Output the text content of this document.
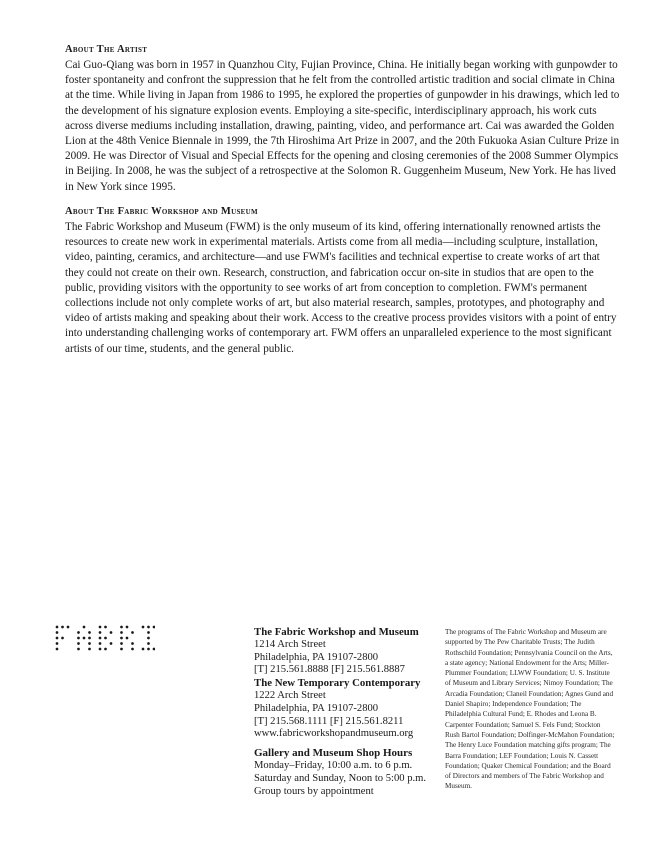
About The Artist

Cai Guo-Qiang was born in 1957 in Quanzhou City, Fujian Province, China. He initially began working with gunpowder to foster spontaneity and confront the suppression that he felt from the controlled artistic tradition and social climate in China at the time. While living in Japan from 1986 to 1995, he explored the properties of gunpowder in his drawings, which led to the development of his signature explosion events. Employing a site-specific, interdisciplinary approach, his work cuts across diverse mediums including installation, drawing, painting, video, and performance art. Cai was awarded the Golden Lion at the 48th Venice Biennale in 1999, the 7th Hiroshima Art Prize in 2007, and the 20th Fukuoka Asian Culture Prize in 2009. He was Director of Visual and Special Effects for the opening and closing ceremonies of the 2008 Summer Olympics in Beijing. In 2008, he was the subject of a retrospective at the Solomon R. Guggenheim Museum, New York. He has lived in New York since 1995.

About The Fabric Workshop and Museum

The Fabric Workshop and Museum (FWM) is the only museum of its kind, offering internationally renowned artists the resources to create new work in experimental materials. Artists come from all media—including sculpture, installation, video, painting, ceramics, and architecture—and use FWM's facilities and technical expertise to create works of art that they could not create on their own. Research, construction, and fabrication occur on-site in studios that are open to the public, providing visitors with the opportunity to see works of art from conception to completion. FWM's permanent collections include not only complete works of art, but also material research, samples, prototypes, and photography and video of artists making and speaking about their work. Access to the creative process provides visitors with a point of entry into understanding challenging works of contemporary art. FWM offers an unparalleled experience to the most significant artists of our time, students, and the general public.

The Fabric Workshop and Museum
1214 Arch Street
Philadelphia, PA 19107-2800
[T] 215.561.8888 [F] 215.561.8887
The New Temporary Contemporary
1222 Arch Street
Philadelphia, PA 19107-2800
[T] 215.568.1111 [F] 215.561.8211
www.fabricworkshopandmuseum.org
Gallery and Museum Shop Hours
Monday–Friday, 10:00 a.m. to 6 p.m.
Saturday and Sunday, Noon to 5:00 p.m.
Group tours by appointment

The programs of The Fabric Workshop and Museum are supported by The Pew Charitable Trusts; The Judith Rothschild Foundation; Pennsylvania Council on the Arts, a state agency; National Endowment for the Arts; Miller-Plummer Foundation; LLWW Foundation; U. S. Institute of Museum and Library Services; Nimoy Foundation; The Arcadia Foundation; Claneil Foundation; Agnes Gund and Daniel Shapiro; Independence Foundation; The Philadelphia Cultural Fund; E. Rhodes and Leona B. Carpenter Foundation; Samuel S. Fels Fund; Stockton Rush Bartol Foundation; Dolfinger-McMahon Foundation; The Henry Luce Foundation matching gifts program; The Barra Foundation; LEF Foundation; Louis N. Cassett Foundation; Quaker Chemical Foundation; and the Board of Directors and members of The Fabric Workshop and Museum.
